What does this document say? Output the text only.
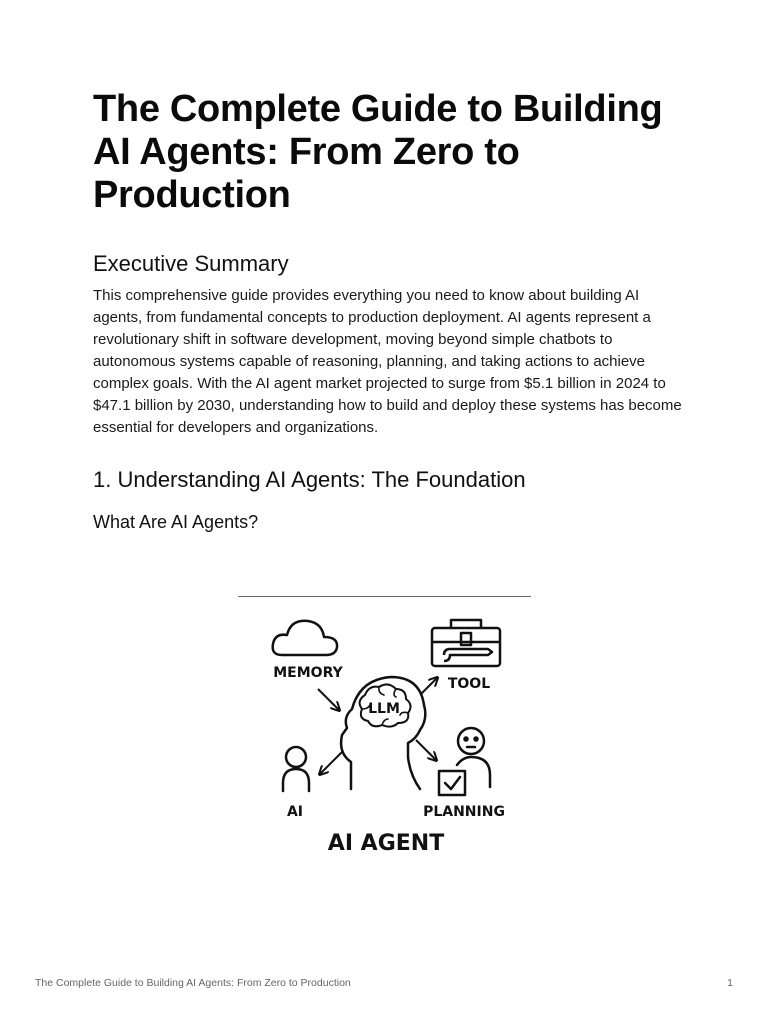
The Complete Guide to Building AI Agents: From Zero to Production
Executive Summary

This comprehensive guide provides everything you need to know about building AI agents, from fundamental concepts to production deployment. AI agents represent a revolutionary shift in software development, moving beyond simple chatbots to autonomous systems capable of reasoning, planning, and taking actions to achieve complex goals. With the AI agent market projected to surge from $5.1 billion in 2024 to $47.1 billion by 2030, understanding how to build and deploy these systems has become essential for developers and organizations.

1. Understanding AI Agents: The Foundation
What Are AI Agents?
MEMORY
TOOL
LLM
AI	PLANNING
AI AGENT
The Complete Guide to Building AI Agents: From Zero to Production	1
